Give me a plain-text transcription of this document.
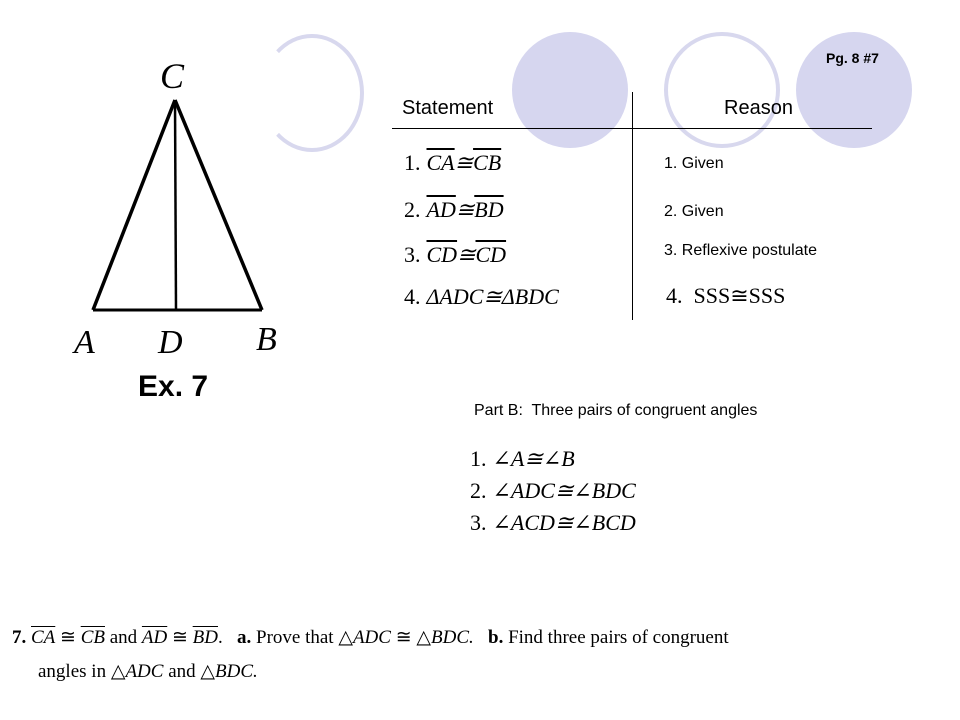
Pg. 8 #7
C
A D B
Ex. 7
Statement	Reason
1. $\overline{CA}≅\overline{CB}$
2. $\overline{AD}≅\overline{BD}$
3. $\overline{CD}≅\overline{CD}$
4. ΔADC≅ΔBDC
1. Given
2. Given
3. Reflexive postulate
4.  SSS≅SSS
Part B:  Three pairs of congruent angles
1. ∠A≅∠B
2. ∠ADC≅∠BDC
3. ∠ACD≅∠BCD
7. $\overline{CA}$ ≅ $\overline{CB}$ and $\overline{AD}$ ≅ $\overline{BD}$.   a. Prove that △ADC ≅ △BDC. b. Find three pairs of congruent
angles in △ADC and △BDC.
